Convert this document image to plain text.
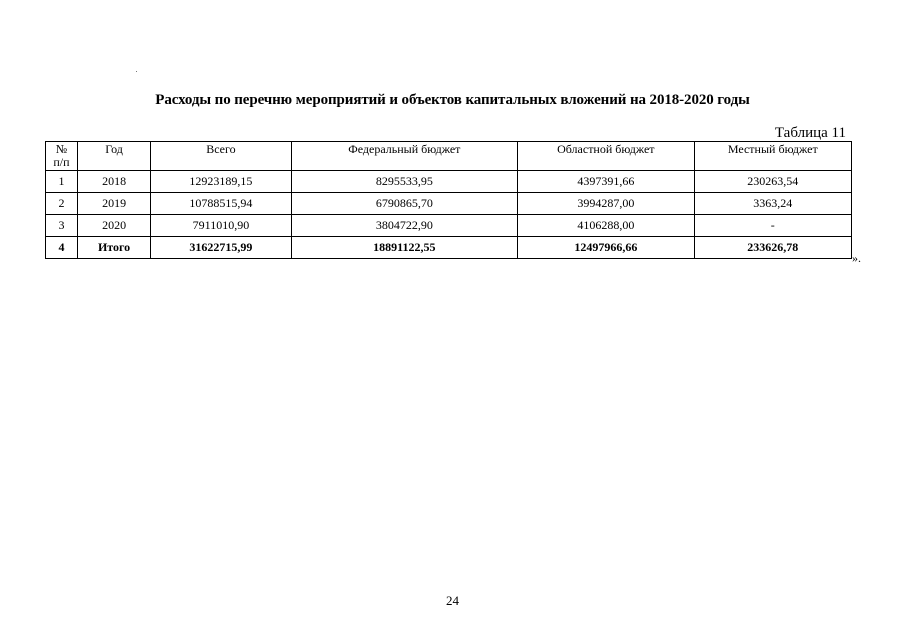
Расходы по перечню мероприятий и объектов капитальных вложений на 2018-2020 годы
Таблица 11
№
п/п	Год	Всего	Федеральный бюджет	Областной бюджет	Местный бюджет
1	2018	12923189,15	8295533,95	4397391,66	230263,54
2	2019	10788515,94	6790865,70	3994287,00	3363,24
3	2020	7911010,90	3804722,90	4106288,00	-
4	Итого	31622715,99	18891122,55	12497966,66	233626,78
».
24
